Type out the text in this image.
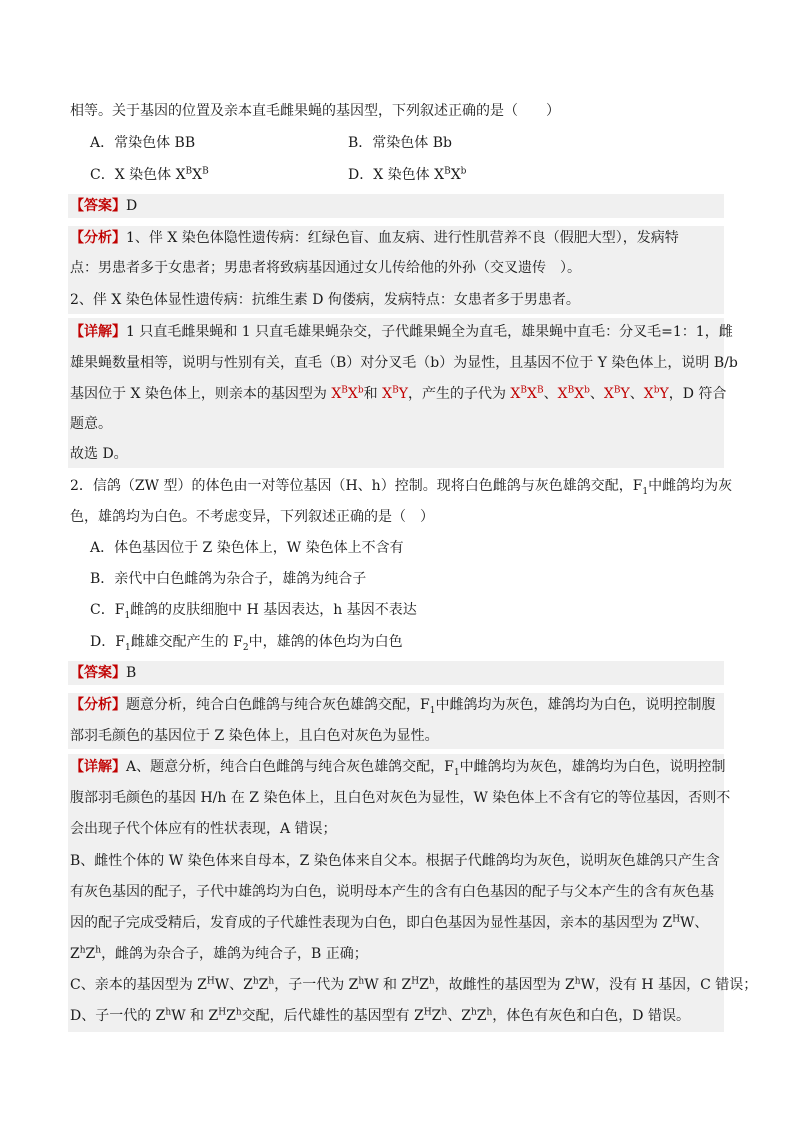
相等。关于基因的位置及亲本直毛雌果蝇的基因型，下列叙述正确的是（　　）
A．常染色体 BB	B．常染色体 Bb
C．X 染色体 $X^BX^B$	D．X 染色体 $X^BX^b$
【答案】D
【分析】1、伴 X 染色体隐性遗传病：红绿色盲、血友病、进行性肌营养不良（假肥大型），发病特
点：男患者多于女患者；男患者将致病基因通过女儿传给他的外孙（交叉遗传　）。
2、伴 X 染色体显性遗传病：抗维生素 D 佝偻病，发病特点：女患者多于男患者。
【详解】1 只直毛雌果蝇和 1 只直毛雄果蝇杂交，子代雌果蝇全为直毛，雄果蝇中直毛：分叉毛=1：1，雌
雄果蝇数量相等，说明与性别有关，直毛（B）对分叉毛（b）为显性，且基因不位于 Y 染色体上，说明 B/b
基因位于 X 染色体上，则亲本的基因型为 $X^BX^b$和 $X^BY$，产生的子代为 $X^BX^B$、$X^BX^b$、$X^BY$、$X^bY$，D 符合
题意。
故选 D。
2．信鸽（ZW 型）的体色由一对等位基因（H、h）控制。现将白色雌鸽与灰色雄鸽交配，$F_1$中雌鸽均为灰
色，雄鸽均为白色。不考虑变异，下列叙述正确的是（　）
A．体色基因位于 Z 染色体上，W 染色体上不含有
B．亲代中白色雌鸽为杂合子，雄鸽为纯合子
C．$F_1$雌鸽的皮肤细胞中 H 基因表达，h 基因不表达
D．$F_1$雌雄交配产生的 $F_2$中，雄鸽的体色均为白色
【答案】B
【分析】题意分析，纯合白色雌鸽与纯合灰色雄鸽交配，$F_1$中雌鸽均为灰色，雄鸽均为白色，说明控制腹
部羽毛颜色的基因位于 Z 染色体上，且白色对灰色为显性。
【详解】A、题意分析，纯合白色雌鸽与纯合灰色雄鸽交配，$F_1$中雌鸽均为灰色，雄鸽均为白色，说明控制
腹部羽毛颜色的基因 H/h 在 Z 染色体上，且白色对灰色为显性，W 染色体上不含有它的等位基因，否则不
会出现子代个体应有的性状表现，A 错误；
B、雌性个体的 W 染色体来自母本，Z 染色体来自父本。根据子代雌鸽均为灰色，说明灰色雄鸽只产生含
有灰色基因的配子，子代中雄鸽均为白色，说明母本产生的含有白色基因的配子与父本产生的含有灰色基
因的配子完成受精后，发育成的子代雄性表现为白色，即白色基因为显性基因，亲本的基因型为 $Z^HW$、
$Z^hZ^h$，雌鸽为杂合子，雄鸽为纯合子，B 正确；
C、亲本的基因型为 $Z^HW$、$Z^hZ^h$，子一代为 $Z^hW$ 和 $Z^HZ^h$，故雌性的基因型为 $Z^hW$，没有 H 基因，C 错误；
D、子一代的 $Z^hW$ 和 $Z^HZ^h$交配，后代雄性的基因型有 $Z^HZ^h$、$Z^hZ^h$，体色有灰色和白色，D 错误。
